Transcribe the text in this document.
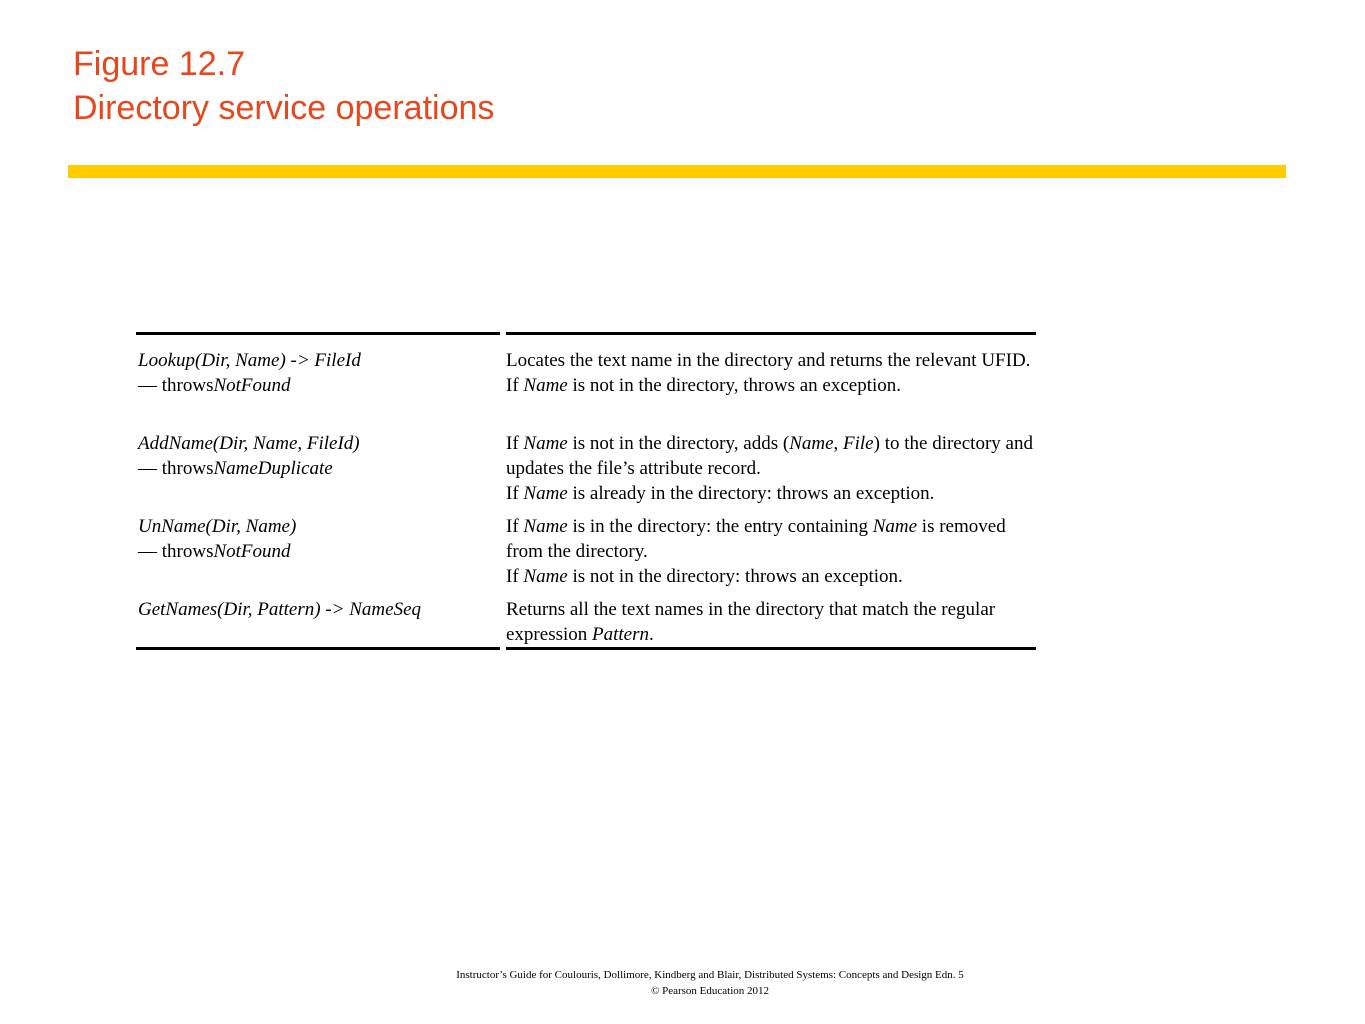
Figure 12.7
Directory service operations
Lookup(Dir, Name) -> FileId
— throwsNotFound
Locates the text name in the directory and returns the relevant UFID. If Name is not in the directory, throws an exception.
AddName(Dir, Name, FileId)
— throwsNameDuplicate
If Name is not in the directory, adds (Name, File) to the directory and updates the file’s attribute record.
If Name is already in the directory: throws an exception.
UnName(Dir, Name)
— throwsNotFound
If Name is in the directory: the entry containing Name is removed from the directory.
If Name is not in the directory: throws an exception.
GetNames(Dir, Pattern) -> NameSeq	Returns all the text names in the directory that match the regular expression Pattern.
Instructor’s Guide for Coulouris, Dollimore, Kindberg and Blair, Distributed Systems: Concepts and Design Edn. 5
© Pearson Education 2012
